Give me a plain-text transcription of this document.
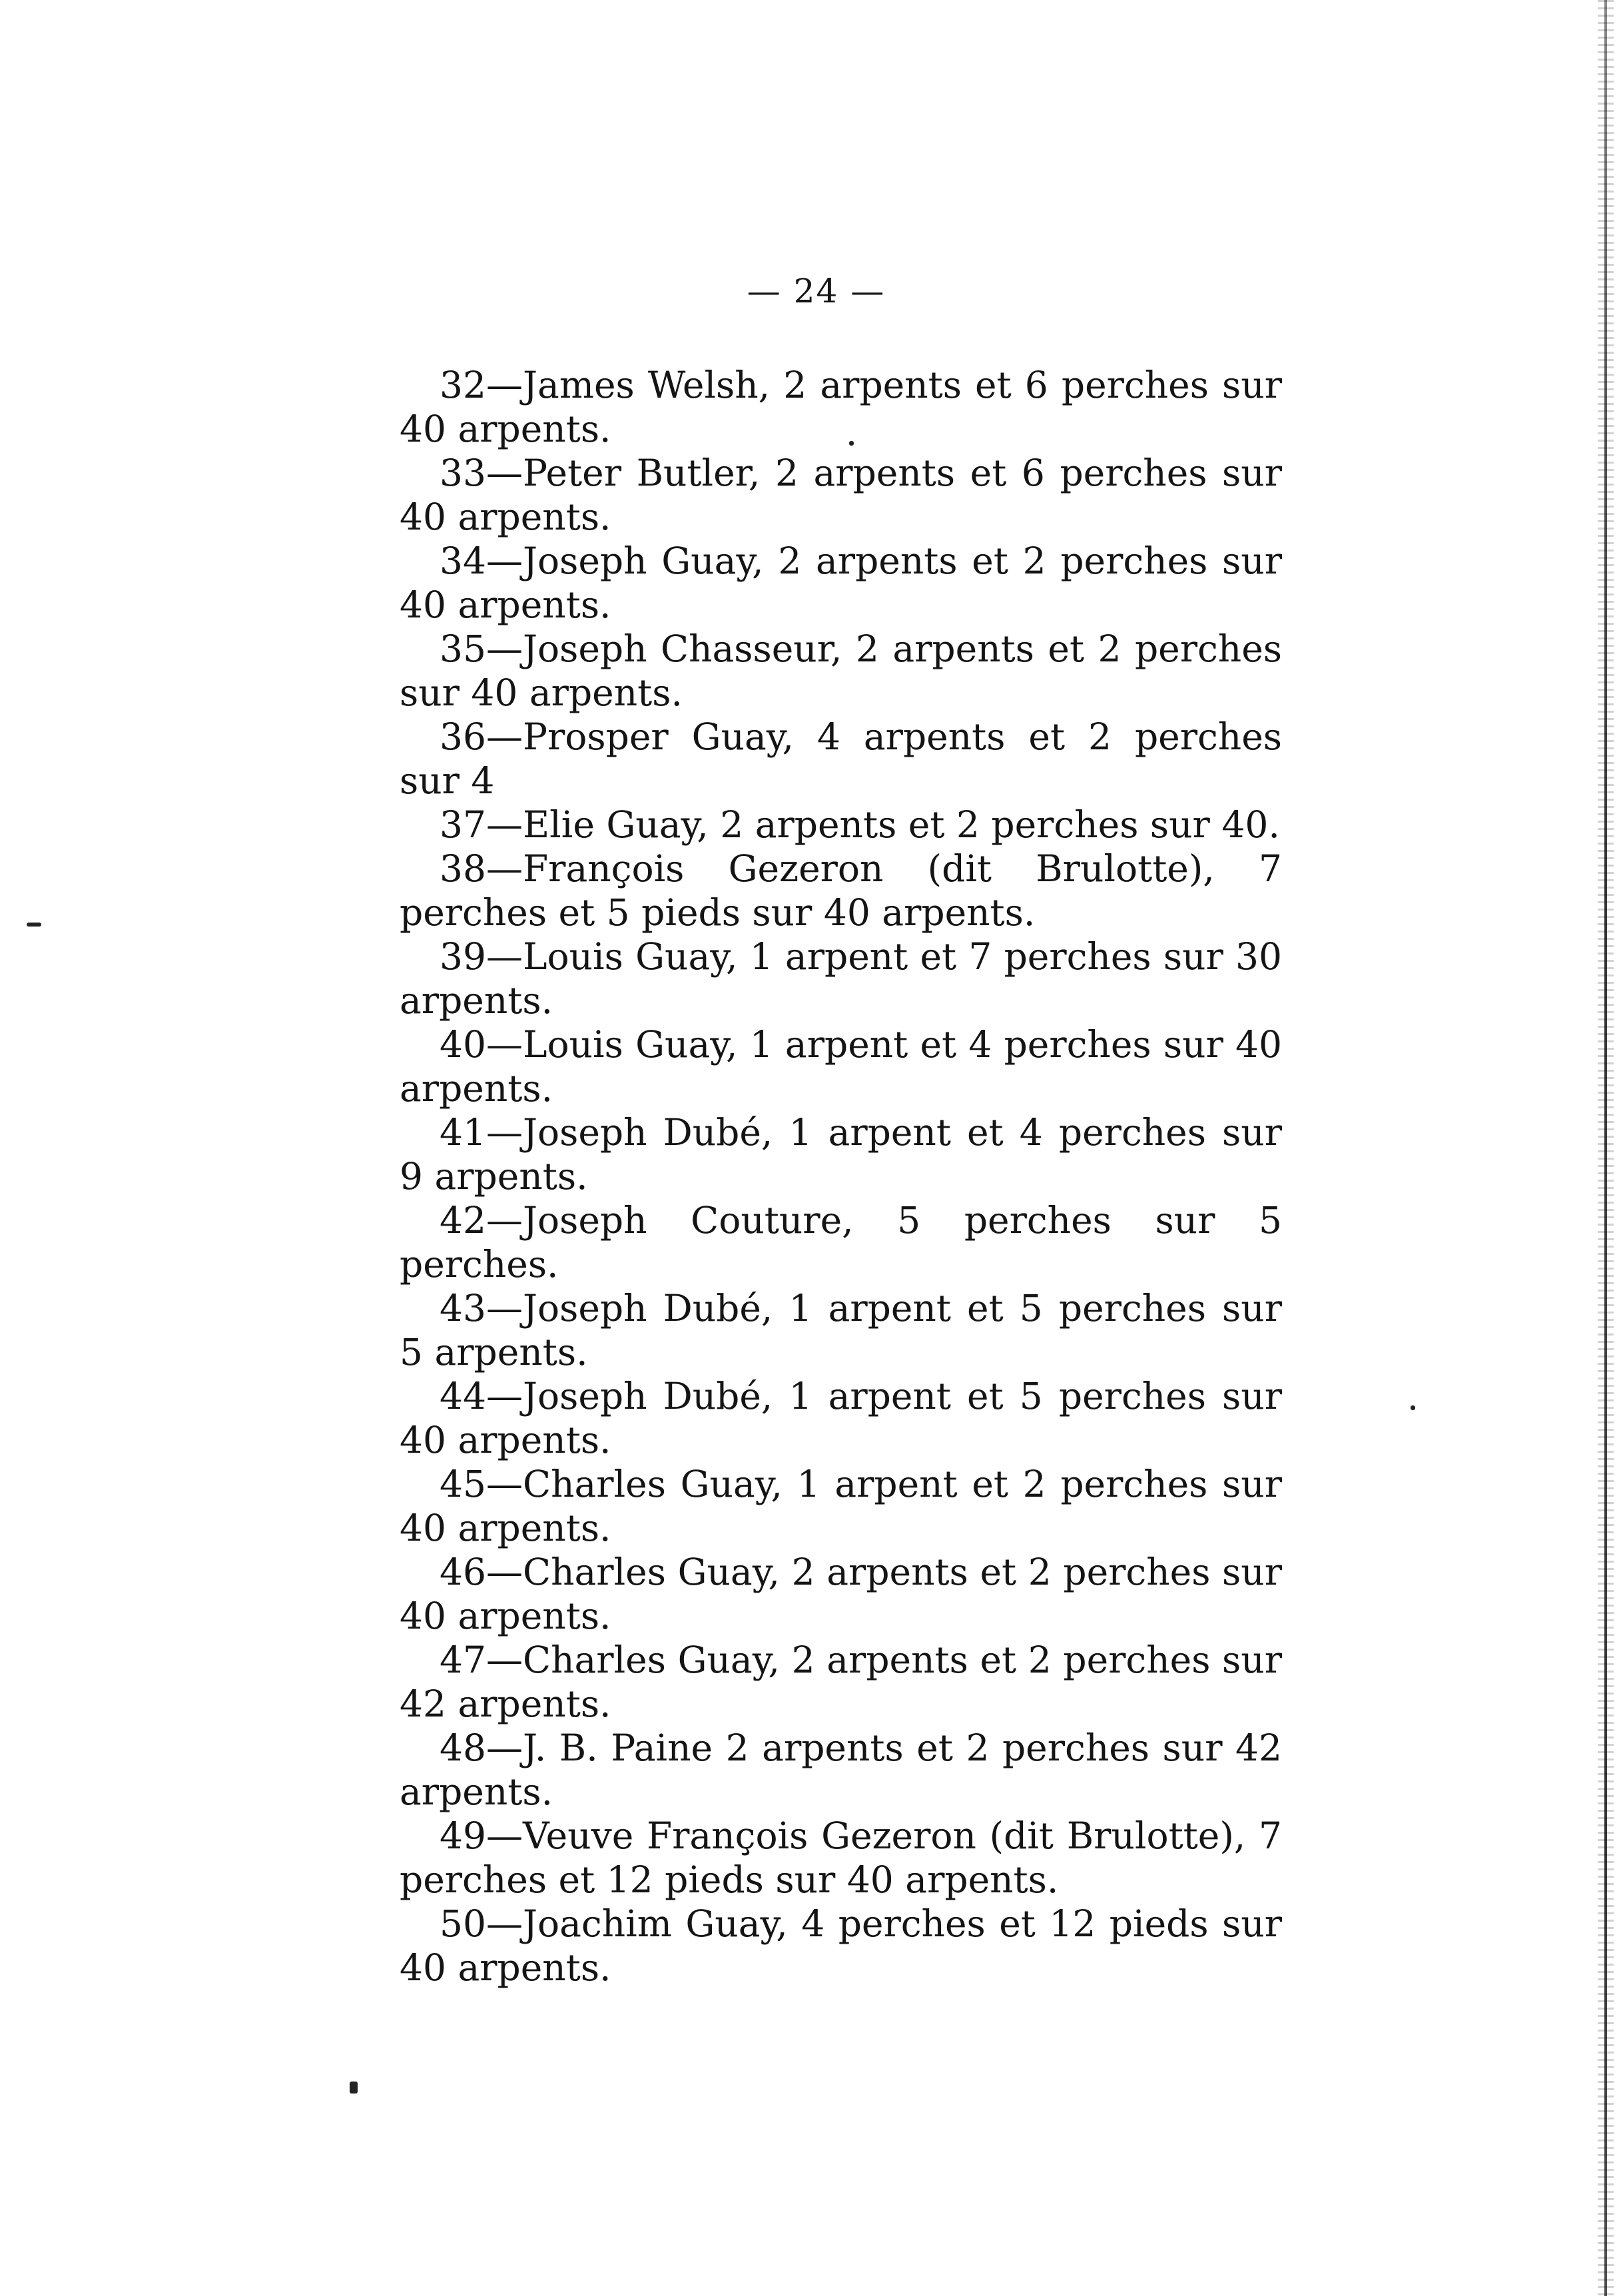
— 24 —

32—James Welsh, 2 arpents et 6 perches sur 40 arpents.

33—Peter Butler, 2 arpents et 6 perches sur 40 arpents.

34—Joseph Guay, 2 arpents et 2 perches sur 40 arpents.

35—Joseph Chasseur, 2 arpents et 2 perches sur 40 arpents.

36—Prosper Guay, 4 arpents et 2 perches sur 4

37—Elie Guay, 2 arpents et 2 perches sur 40.

38—François Gezeron (dit Brulotte), 7 perches et 5 pieds sur 40 arpents.

39—Louis Guay, 1 arpent et 7 perches sur 30 arpents.

40—Louis Guay, 1 arpent et 4 perches sur 40 arpents.

41—Joseph Dubé, 1 arpent et 4 perches sur 9 arpents.

42—Joseph Couture, 5 perches sur 5 perches.

43—Joseph Dubé, 1 arpent et 5 perches sur 5 arpents.

44—Joseph Dubé, 1 arpent et 5 perches sur 40 arpents.

45—Charles Guay, 1 arpent et 2 perches sur 40 arpents.

46—Charles Guay, 2 arpents et 2 perches sur 40 arpents.

47—Charles Guay, 2 arpents et 2 perches sur 42 arpents.

48—J. B. Paine 2 arpents et 2 perches sur 42 arpents.

49—Veuve François Gezeron (dit Brulotte), 7 perches et 12 pieds sur 40 arpents.

50—Joachim Guay, 4 perches et 12 pieds sur 40 arpents.
